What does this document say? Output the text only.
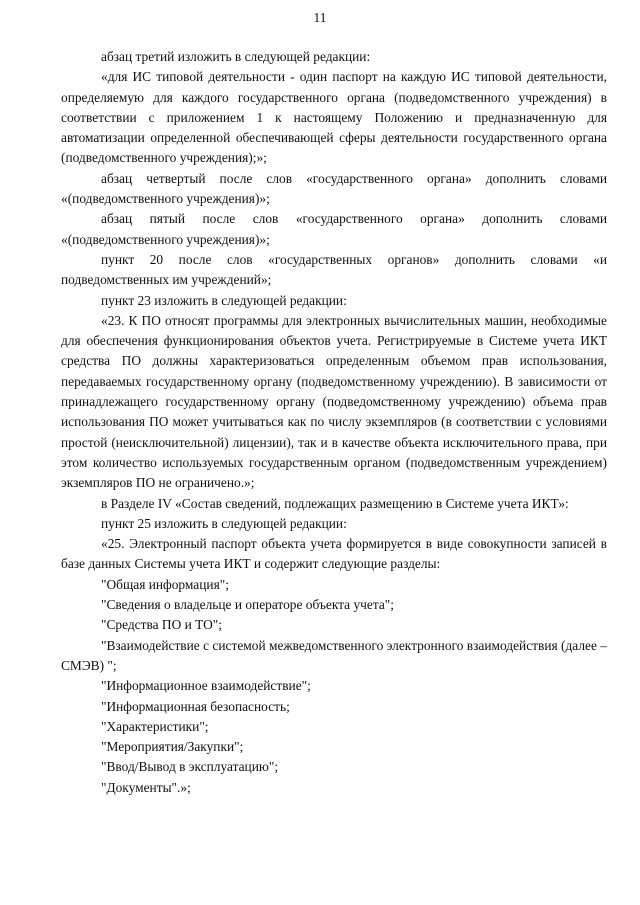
11

абзац третий изложить в следующей редакции:

«для ИС типовой деятельности - один паспорт на каждую ИС типовой деятельности, определяемую для каждого государственного органа (подведомственного учреждения) в соответствии с приложением 1 к настоящему Положению и предназначенную для автоматизации определенной обеспечивающей сферы деятельности государственного органа (подведомственного учреждения);»;

абзац четвертый после слов «государственного органа» дополнить словами «(подведомственного учреждения)»;

абзац пятый после слов «государственного органа» дополнить словами «(подведомственного учреждения)»;

пункт 20 после слов «государственных органов» дополнить словами «и подведомственных им учреждений»;

пункт 23 изложить в следующей редакции:

«23. К ПО относят программы для электронных вычислительных машин, необходимые для обеспечения функционирования объектов учета. Регистрируемые в Системе учета ИКТ средства ПО должны характеризоваться определенным объемом прав использования, передаваемых государственному органу (подведомственному учреждению). В зависимости от принадлежащего государственному органу (подведомственному учреждению) объема прав использования ПО может учитываться как по числу экземпляров (в соответствии с условиями простой (неисключительной) лицензии), так и в качестве объекта исключительного права, при этом количество используемых государственным органом (подведомственным учреждением) экземпляров ПО не ограничено.»;

в Разделе IV «Состав сведений, подлежащих размещению в Системе учета ИКТ»:

пункт 25 изложить в следующей редакции:

«25. Электронный паспорт объекта учета формируется в виде совокупности записей в базе данных Системы учета ИКТ и содержит следующие разделы:

"Общая информация";

"Сведения о владельце и операторе объекта учета";

"Средства ПО и ТО";

"Взаимодействие с системой межведомственного электронного взаимодействия (далее – СМЭВ) ";

"Информационное взаимодействие";

"Информационная безопасность;

"Характеристики";

"Мероприятия/Закупки";

"Ввод/Вывод в эксплуатацию";

"Документы".»;
